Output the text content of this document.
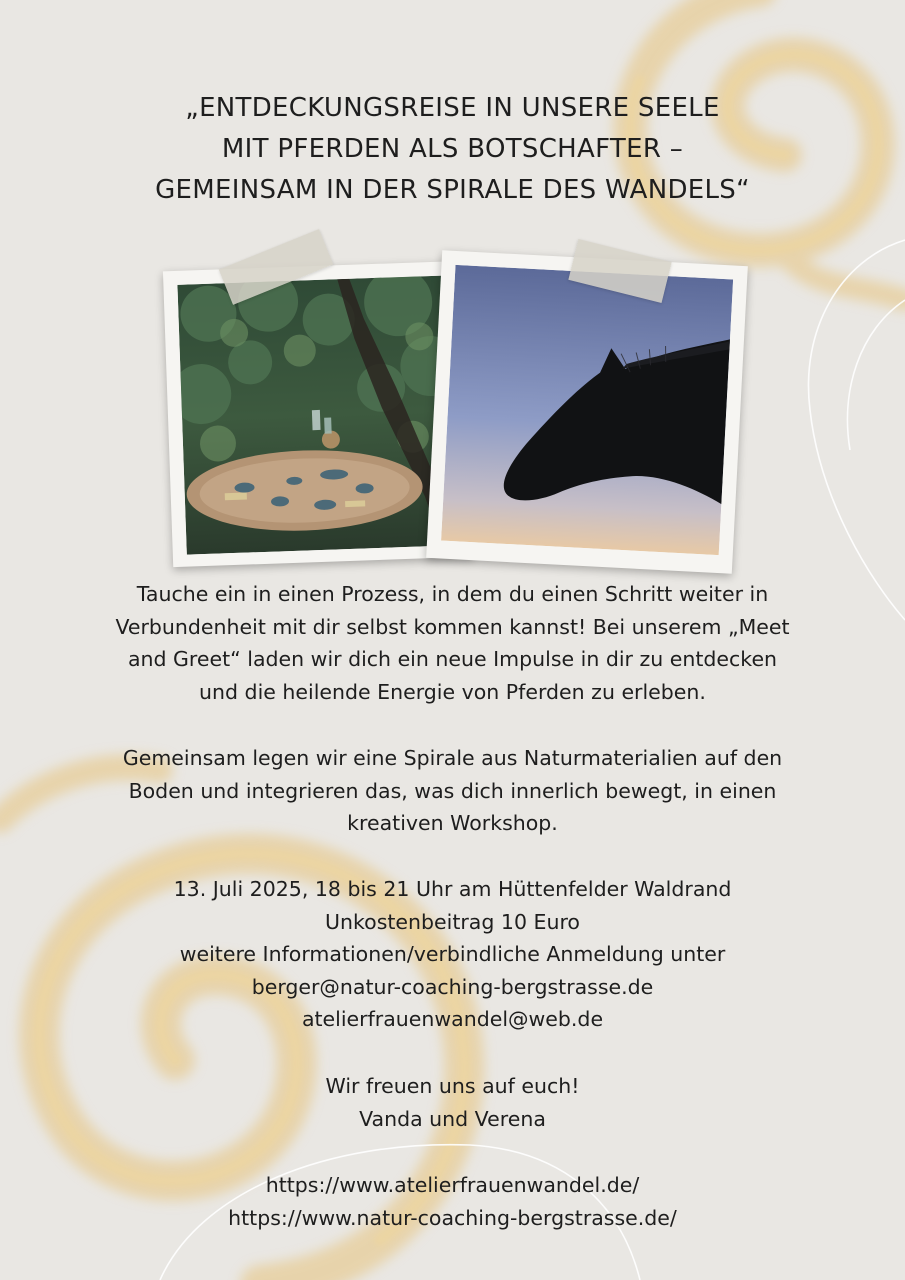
„ENTDECKUNGSREISE IN UNSERE SEELE
MIT PFERDEN ALS BOTSCHAFTER –
GEMEINSAM IN DER SPIRALE DES WANDELS“
Tauche ein in einen Prozess, in dem du einen Schritt weiter in
Verbundenheit mit dir selbst kommen kannst! Bei unserem „Meet
and Greet“ laden wir dich ein neue Impulse in dir zu entdecken
und die heilende Energie von Pferden zu erleben.
Gemeinsam legen wir eine Spirale aus Naturmaterialien auf den
Boden und integrieren das, was dich innerlich bewegt, in einen
kreativen Workshop.
13. Juli 2025, 18 bis 21 Uhr am Hüttenfelder Waldrand
Unkostenbeitrag 10 Euro
weitere Informationen/verbindliche Anmeldung unter
berger@natur-coaching-bergstrasse.de
atelierfrauenwandel@web.de
Wir freuen uns auf euch!
Vanda und Verena
https://www.atelierfrauenwandel.de/
https://www.natur-coaching-bergstrasse.de/
